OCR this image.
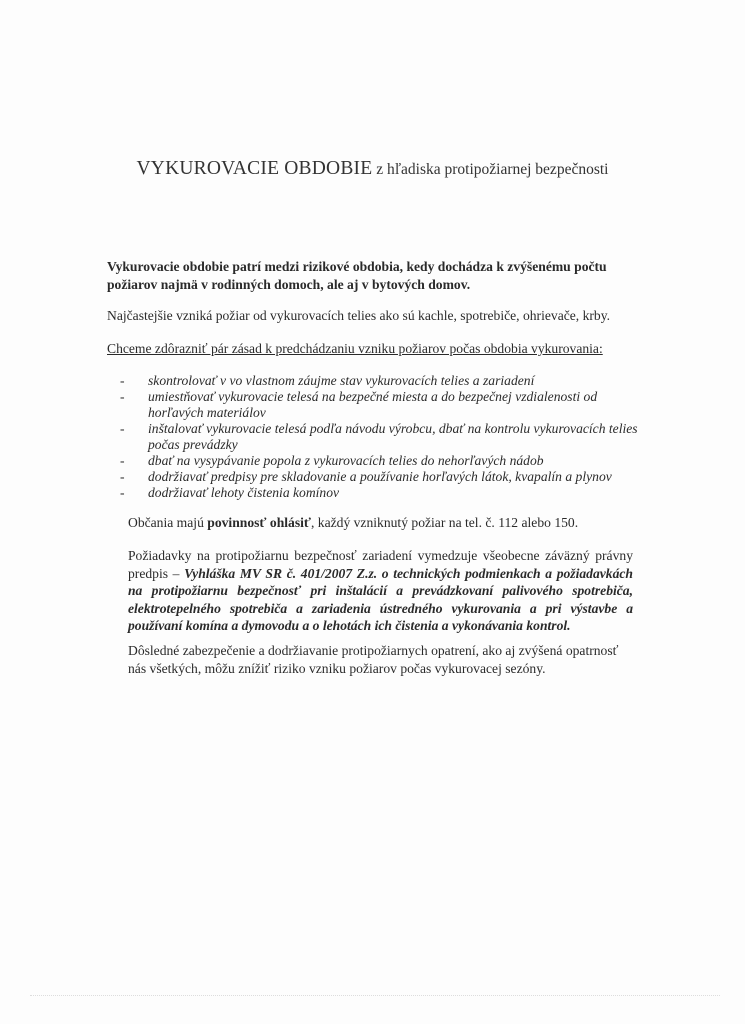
VYKUROVACIE OBDOBIE z hľadiska protipožiarnej bezpečnosti
Vykurovacie obdobie patrí medzi rizikové obdobia, kedy dochádza k zvýšenému počtu požiarov najmä v rodinných domoch, ale aj v bytových domov.
Najčastejšie vzniká požiar od vykurovacích telies ako sú kachle, spotrebiče, ohrievače, krby.
Chceme zdôrazniť pár zásad k predchádzaniu vzniku požiarov počas obdobia vykurovania:
- skontrolovať v vo vlastnom záujme stav vykurovacích telies a zariadení
- umiestňovať vykurovacie telesá na bezpečné miesta a do bezpečnej vzdialenosti od horľavých materiálov
- inštalovať vykurovacie telesá podľa návodu výrobcu, dbať na kontrolu vykurovacích telies počas prevádzky
- dbať na vysypávanie popola z vykurovacích telies do nehorľavých nádob
- dodržiavať predpisy pre skladovanie a používanie horľavých látok, kvapalín a plynov
- dodržiavať lehoty čistenia komínov
Občania majú povinnosť ohlásiť, každý vzniknutý požiar na tel. č. 112 alebo 150.
Požiadavky na protipožiarnu bezpečnosť zariadení vymedzuje všeobecne záväzný právny predpis – Vyhláška MV SR č. 401/2007 Z.z. o technických podmienkach a požiadavkách na protipožiarnu bezpečnosť pri inštalácií a prevádzkovaní palivového spotrebiča, elektrotepelného spotrebiča a zariadenia ústredného vykurovania a pri výstavbe a používaní komína a dymovodu a o lehotách ich čistenia a vykonávania kontrol.
Dôsledné zabezpečenie a dodržiavanie protipožiarnych opatrení, ako aj zvýšená opatrnosť nás všetkých, môžu znížiť riziko vzniku požiarov počas vykurovacej sezóny.
